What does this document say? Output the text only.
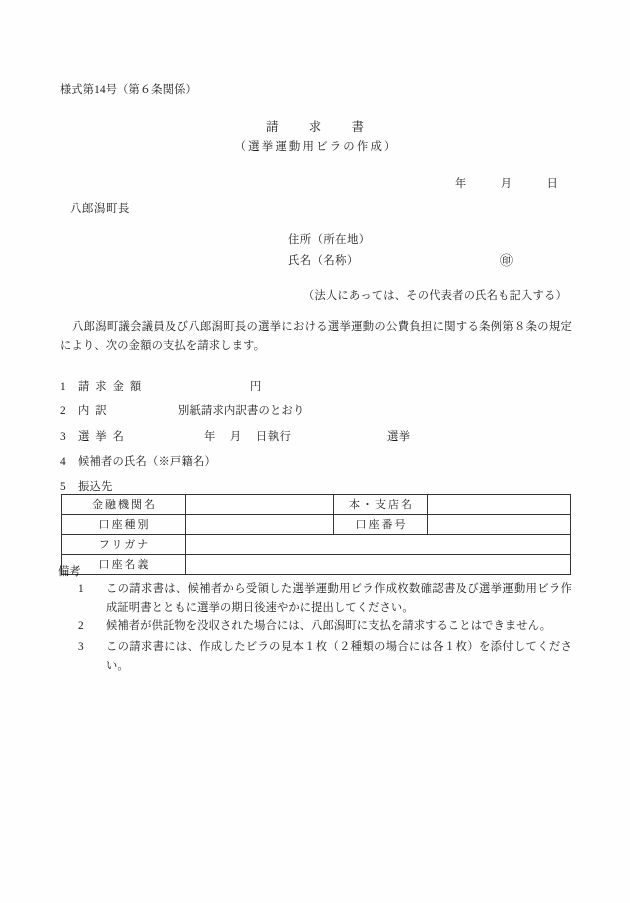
様式第14号（第６条関係）
請　求　書
（選挙運動用ビラの作成）
年	月	日
八郎潟町長
住所（所在地）
氏名（名称）	㊞
（法人にあっては、その代表者の氏名も記入する）
八郎潟町議会議員及び八郎潟町長の選挙における選挙運動の公費負担に関する条例第８条の規定により、次の金額の支払を請求します。
1 請求金額	円
2 内訳	別紙請求内訳書のとおり
3 選挙名	年 月 日執行	選挙
4 候補者の氏名（※戸籍名）
5 振込先
金融機関名		本・支店名	
口座種別		口座番号	
フリガナ			
口座名義			
備考
1	この請求書は、候補者から受領した選挙運動用ビラ作成枚数確認書及び選挙運動用ビラ作成証明書とともに選挙の期日後速やかに提出してください。
2	候補者が供託物を没収された場合には、八郎潟町に支払を請求することはできません。
3	この請求書には、作成したビラの見本１枚（２種類の場合には各１枚）を添付してください。
